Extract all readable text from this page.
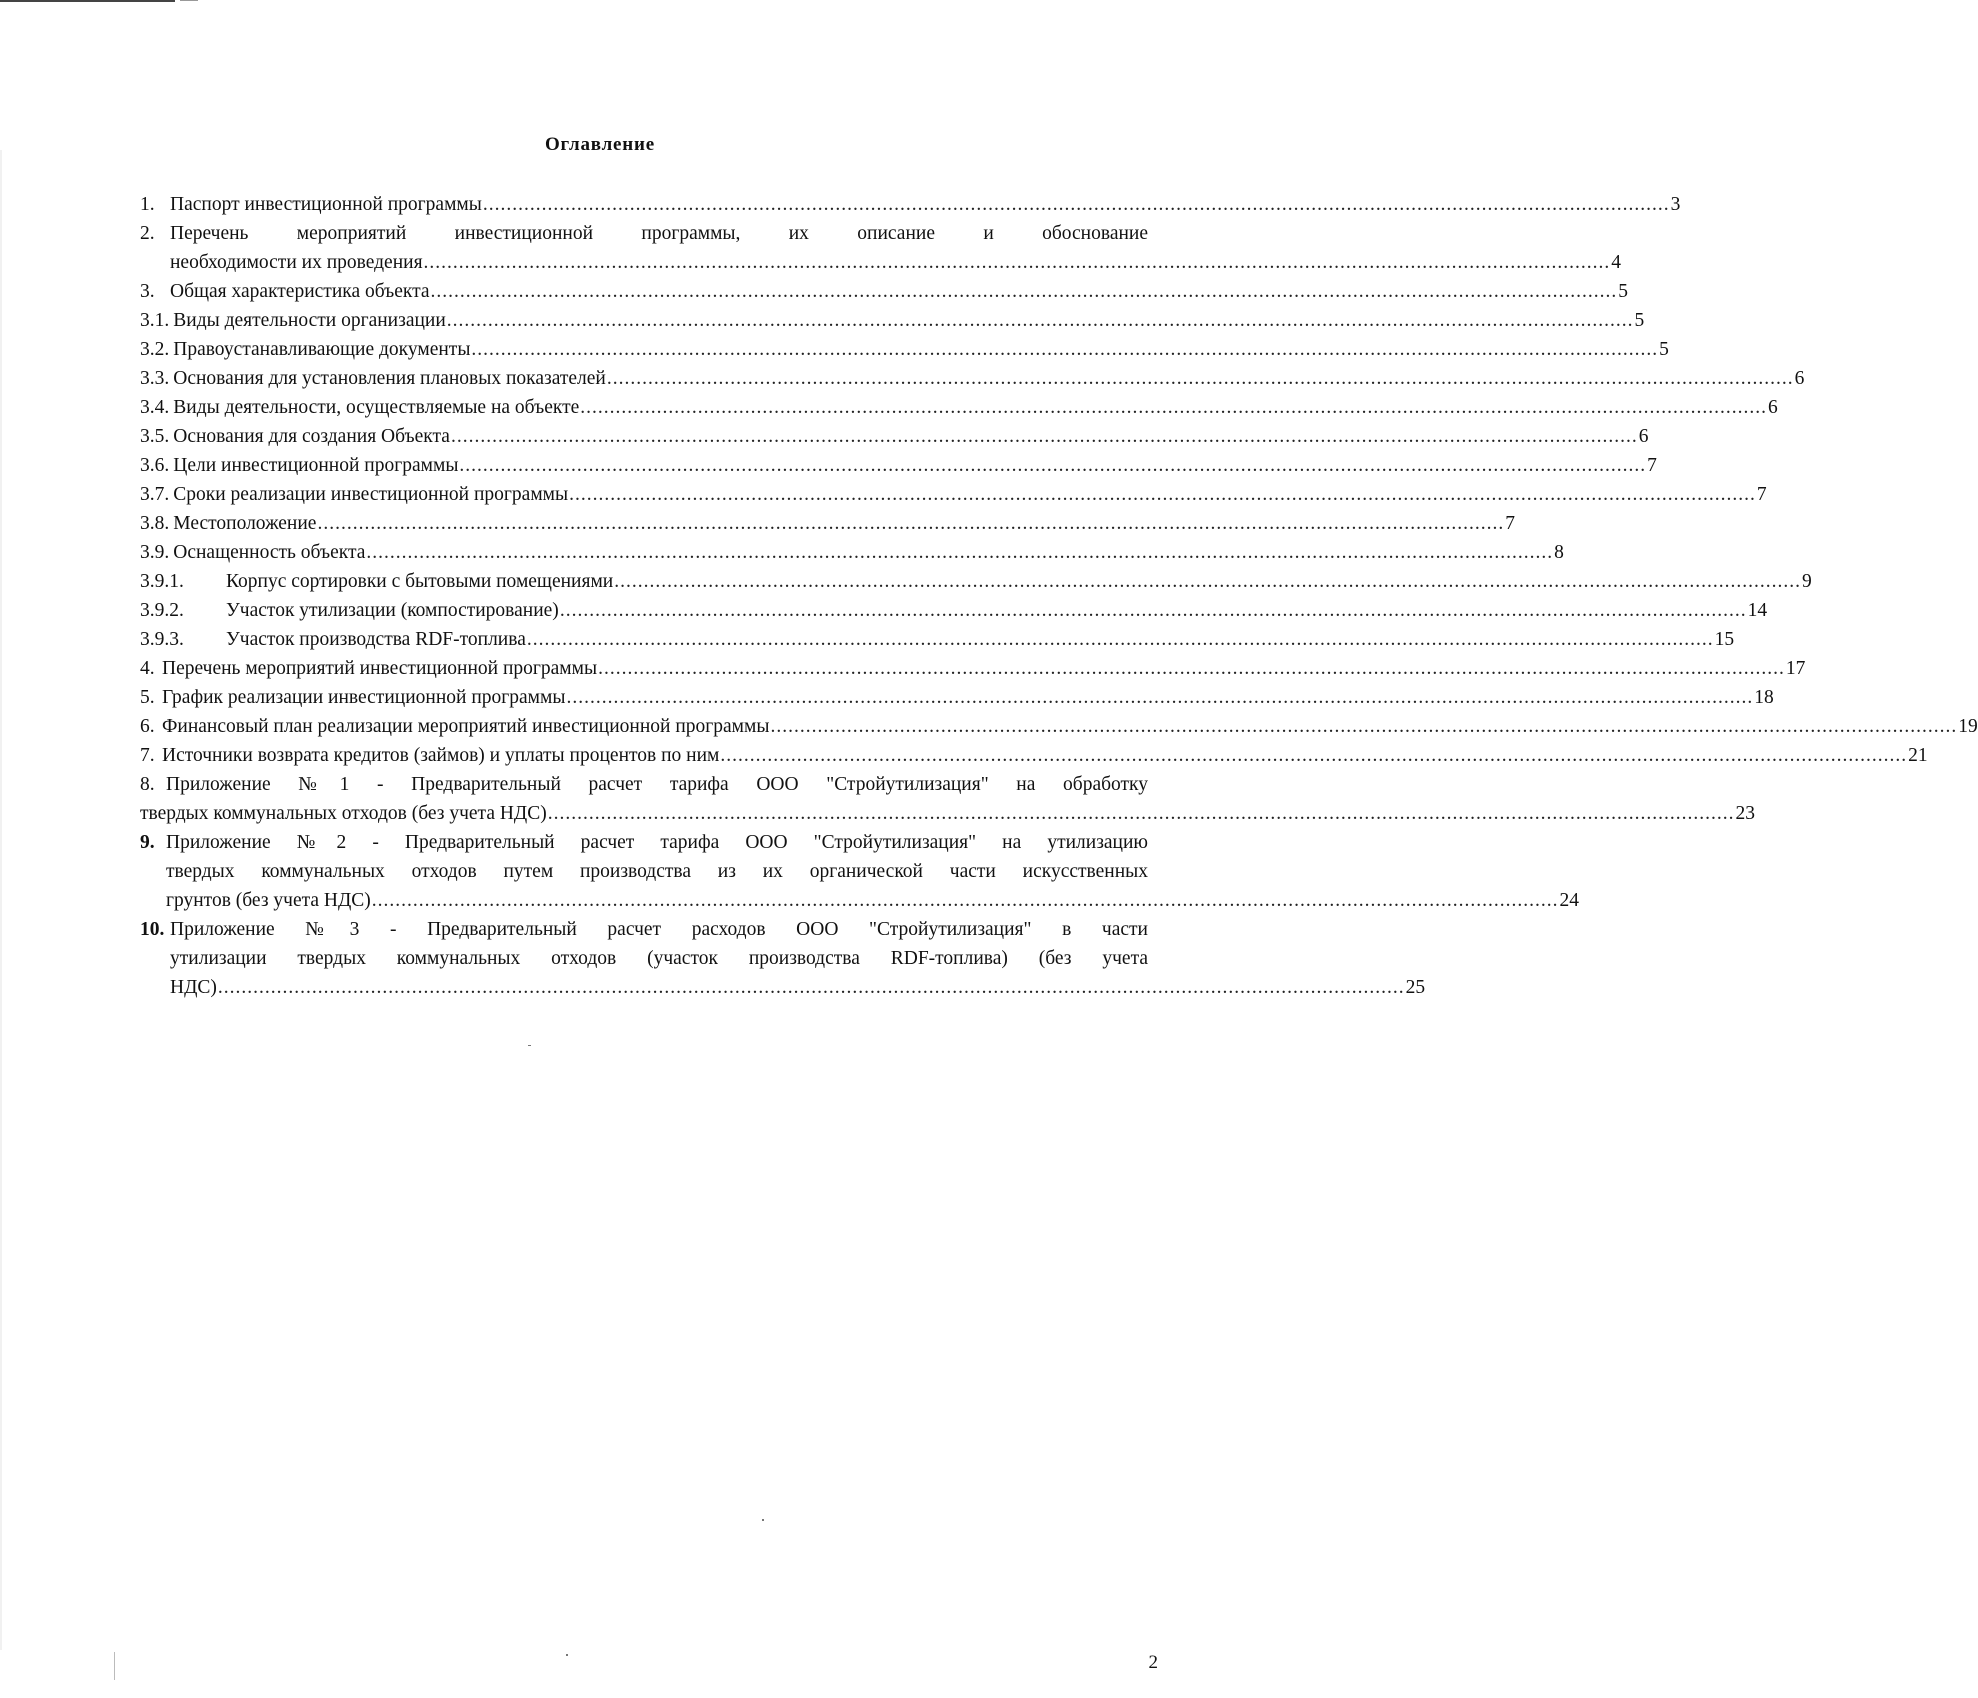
Оглавление
1. Паспорт инвестиционной программы .......................................................................................................................................................................................................... 3
2. Перечень мероприятий инвестиционной программы, их описание и обоснование
необходимости их проведения .......................................................................................................................................................................................................... 4
3. Общая характеристика объекта .......................................................................................................................................................................................................... 5
3.1. Виды деятельности организации .......................................................................................................................................................................................................... 5
3.2. Правоустанавливающие документы .......................................................................................................................................................................................................... 5
3.3. Основания для установления плановых показателей .......................................................................................................................................................................................................... 6
3.4. Виды деятельности, осуществляемые на объекте .......................................................................................................................................................................................................... 6
3.5. Основания для создания Объекта .......................................................................................................................................................................................................... 6
3.6. Цели инвестиционной программы .......................................................................................................................................................................................................... 7
3.7. Сроки реализации инвестиционной программы .......................................................................................................................................................................................................... 7
3.8. Местоположение .......................................................................................................................................................................................................... 7
3.9. Оснащенность объекта .......................................................................................................................................................................................................... 8
3.9.1.	Корпус сортировки с бытовыми помещениями .......................................................................................................................................................................................................... 9
3.9.2.	Участок утилизации (компостирование) .......................................................................................................................................................................................................... 14
3.9.3.	Участок производства RDF-топлива .......................................................................................................................................................................................................... 15
4. Перечень мероприятий инвестиционной программы .......................................................................................................................................................................................................... 17
5. График реализации инвестиционной программы .......................................................................................................................................................................................................... 18
6. Финансовый план реализации мероприятий инвестиционной программы .......................................................................................................................................................................................................... 19
7. Источники возврата кредитов (займов) и уплаты процентов по ним .......................................................................................................................................................................................................... 21
8. Приложение №1 - Предварительный расчет тарифа ООО "Стройутилизация" на обработку
твердых коммунальных отходов (без учета НДС) .......................................................................................................................................................................................................... 23
9. Приложение №2 - Предварительный расчет тарифа ООО "Стройутилизация" на утилизацию
твердых коммунальных отходов путем производства из их органической части искусственных
грунтов (без учета НДС) .......................................................................................................................................................................................................... 24
10. Приложение №3 - Предварительный расчет расходов ООО "Стройутилизация" в части
утилизации твердых коммунальных отходов (участок производства RDF-топлива) (без учета
НДС) .......................................................................................................................................................................................................... 25
2
